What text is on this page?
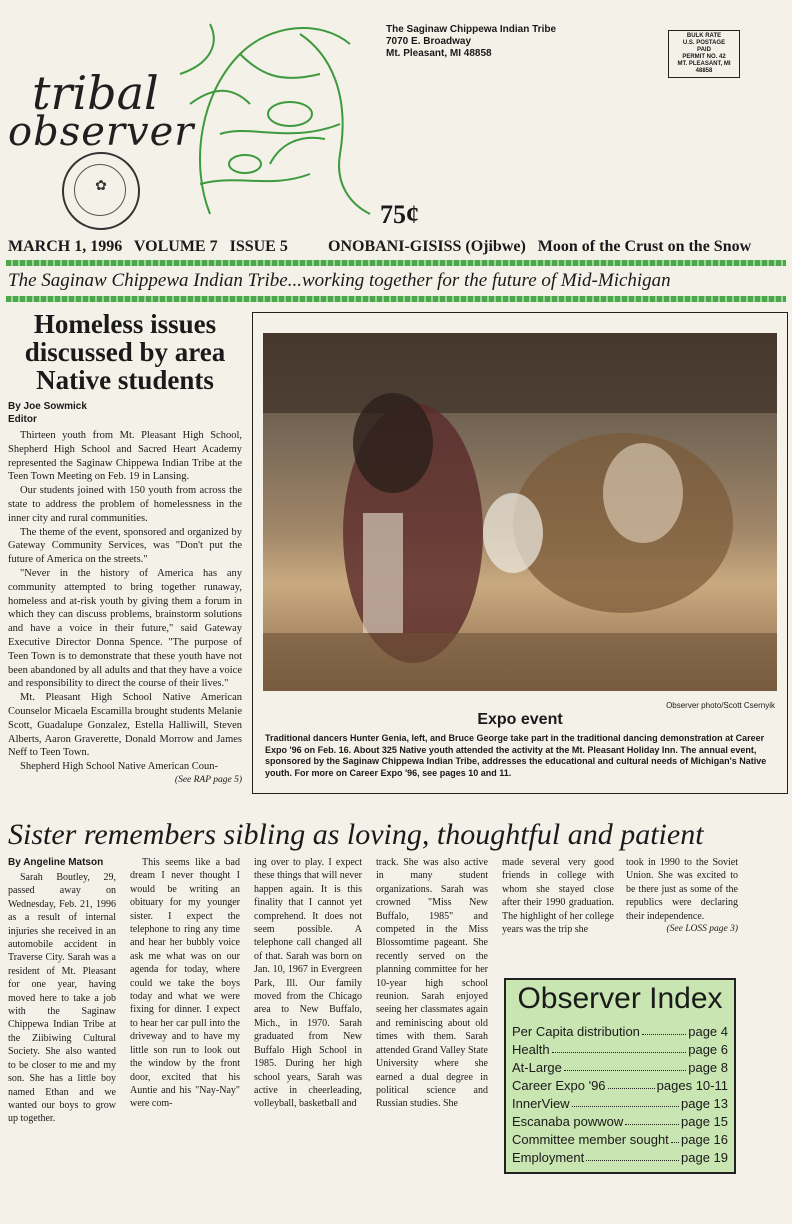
tribal
observer
✿
The Saginaw Chippewa Indian Tribe
7070 E. Broadway
Mt. Pleasant, MI 48858
BULK RATE
U.S. POSTAGE
PAID
PERMIT NO. 42
MT. PLEASANT, MI
48858
75¢
MARCH 1, 1996   VOLUME 7   ISSUE 5	ONOBANI-GISISS (Ojibwe)   Moon of the Crust on the Snow
The Saginaw Chippewa Indian Tribe...working together for the future of Mid-Michigan
Homeless issues discussed by area Native students
By Joe Sowmick
Editor

Thirteen youth from Mt. Pleasant High School, Shepherd High School and Sacred Heart Academy represented the Saginaw Chippewa Indian Tribe at the Teen Town Meeting on Feb. 19 in Lansing.

Our students joined with 150 youth from across the state to address the problem of homelessness in the inner city and rural communities.

The theme of the event, sponsored and organized by Gateway Community Services, was "Don't put the future of America on the streets."

"Never in the history of America has any community attempted to bring together runaway, homeless and at-risk youth by giving them a forum in which they can discuss problems, brainstorm solutions and have a voice in their future," said Gateway Executive Director Donna Spence. "The purpose of Teen Town is to demonstrate that these youth have not been abandoned by all adults and that they have a voice and responsibility to direct the course of their lives."

Mt. Pleasant High School Native American Counselor Micaela Escamilla brought students Melanie Scott, Guadalupe Gonzalez, Estella Halliwill, Steven Alberts, Aaron Graverette, Donald Morrow and James Neff to Teen Town.

Shepherd High School Native American Coun-

(See RAP page 5)

Observer photo/Scott Csernyik
Expo event
Traditional dancers Hunter Genia, left, and Bruce George take part in the traditional dancing demonstration at Career Expo '96 on Feb. 16. About 325 Native youth attended the activity at the Mt. Pleasant Holiday Inn. The annual event, sponsored by the Saginaw Chippewa Indian Tribe, addresses the educational and cultural needs of Michigan's Native youth. For more on Career Expo '96, see pages 10 and 11.
Sister remembers sibling as loving, thoughtful and patient
By Angeline Matson

Sarah Boutley, 29, passed away on Wednesday, Feb. 21, 1996 as a result of internal injuries she received in an automobile accident in Traverse City. Sarah was a resident of Mt. Pleasant for one year, having moved here to take a job with the Saginaw Chippewa Indian Tribe at the Ziibiwing Cultural Society. She also wanted to be closer to me and my son. She has a little boy named Ethan and we wanted our boys to grow up together.

This seems like a bad dream I never thought I would be writing an obituary for my younger sister. I expect the telephone to ring any time and hear her bubbly voice ask me what was on our agenda for today, where could we take the boys today and what we were fixing for dinner. I expect to hear her car pull into the driveway and to have my little son run to look out the window by the front door, excited that his Auntie and his "Nay-Nay" were com-

ing over to play. I expect these things that will never happen again. It is this finality that I cannot yet comprehend. It does not seem possible. A telephone call changed all of that. Sarah was born on Jan. 10, 1967 in Evergreen Park, Ill. Our family moved from the Chicago area to New Buffalo, Mich., in 1970. Sarah graduated from New Buffalo High School in 1985. During her high school years, Sarah was active in cheerleading, volleyball, basketball and

track. She was also active in many student organizations. Sarah was crowned "Miss New Buffalo, 1985" and competed in the Miss Blossomtime pageant. She recently served on the planning committee for her 10-year high school reunion. Sarah enjoyed seeing her classmates again and reminiscing about old times with them. Sarah attended Grand Valley State University where she earned a dual degree in political science and Russian studies. She

made several very good friends in college with whom she stayed close after their 1990 graduation. The highlight of her college years was the trip she

took in 1990 to the Soviet Union. She was excited to be there just as some of the republics were declaring their independence.

(See LOSS page 3)

Observer Index
Per Capita distribution	page 4
Health	page 6
At-Large	page 8
Career Expo '96	pages 10-11
InnerView	page 13
Escanaba powwow	page 15
Committee member sought page 16
Employment	page 19
